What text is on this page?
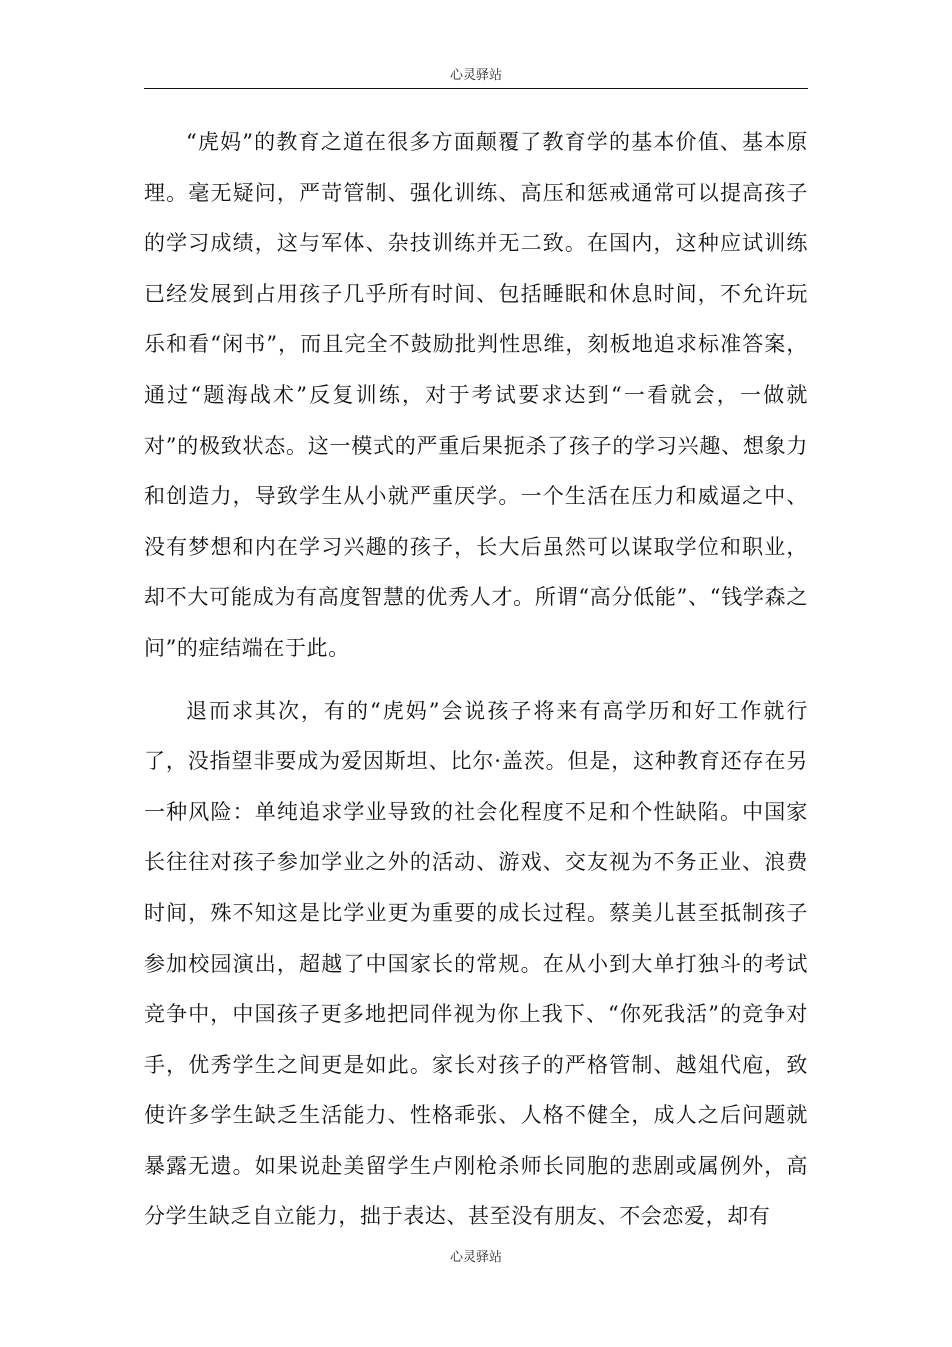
心灵驿站

“虎妈”的教育之道在很多方面颠覆了教育学的基本价值、基本原理。毫无疑问，严苛管制、强化训练、高压和惩戒通常可以提高孩子的学习成绩，这与军体、杂技训练并无二致。在国内，这种应试训练已经发展到占用孩子几乎所有时间、包括睡眠和休息时间，不允许玩乐和看“闲书”，而且完全不鼓励批判性思维，刻板地追求标准答案，通过“题海战术”反复训练，对于考试要求达到“一看就会，一做就对”的极致状态。这一模式的严重后果扼杀了孩子的学习兴趣、想象力和创造力，导致学生从小就严重厌学。一个生活在压力和威逼之中、没有梦想和内在学习兴趣的孩子，长大后虽然可以谋取学位和职业，却不大可能成为有高度智慧的优秀人才。所谓“高分低能”、“钱学森之问”的症结端在于此。

退而求其次，有的“虎妈”会说孩子将来有高学历和好工作就行了，没指望非要成为爱因斯坦、比尔·盖茨。但是，这种教育还存在另一种风险：单纯追求学业导致的社会化程度不足和个性缺陷。中国家长往往对孩子参加学业之外的活动、游戏、交友视为不务正业、浪费时间，殊不知这是比学业更为重要的成长过程。蔡美儿甚至抵制孩子参加校园演出，超越了中国家长的常规。在从小到大单打独斗的考试竞争中，中国孩子更多地把同伴视为你上我下、“你死我活”的竞争对手，优秀学生之间更是如此。家长对孩子的严格管制、越俎代庖，致使许多学生缺乏生活能力、性格乖张、人格不健全，成人之后问题就暴露无遗。如果说赴美留学生卢刚枪杀师长同胞的悲剧或属例外，高分学生缺乏自立能力，拙于表达、甚至没有朋友、不会恋爱，却有

心灵驿站
